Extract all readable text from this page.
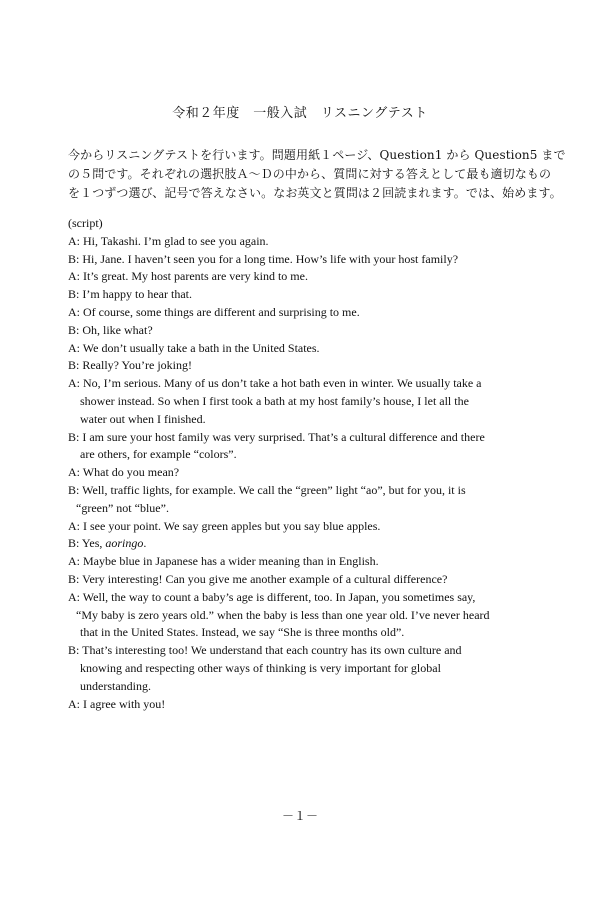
令和２年度　一般入試　リスニングテスト
今からリスニングテストを行います。問題用紙１ページ、Question1 から Question5 まで
の５問です。それぞれの選択肢Ａ～Ｄの中から、質問に対する答えとして最も適切なもの
を１つずつ選び、記号で答えなさい。なお英文と質問は２回読まれます。では、始めます。
(script)
A: Hi, Takashi. I’m glad to see you again.
B: Hi, Jane. I haven’t seen you for a long time. How’s life with your host family?
A: It’s great. My host parents are very kind to me.
B: I’m happy to hear that.
A: Of course, some things are different and surprising to me.
B: Oh, like what?
A: We don’t usually take a bath in the United States.
B: Really? You’re joking!
A: No, I’m serious. Many of us don’t take a hot bath even in winter. We usually take a
shower instead. So when I first took a bath at my host family’s house, I let all the
water out when I finished.
B: I am sure your host family was very surprised. That’s a cultural difference and there
are others, for example “colors”.
A: What do you mean?
B: Well, traffic lights, for example. We call the “green” light “ao”, but for you, it is
“green” not “blue”.
A: I see your point. We say green apples but you say blue apples.
B: Yes, aoringo.
A: Maybe blue in Japanese has a wider meaning than in English.
B: Very interesting! Can you give me another example of a cultural difference?
A: Well, the way to count a baby’s age is different, too. In Japan, you sometimes say,
“My baby is zero years old.” when the baby is less than one year old. I’ve never heard
that in the United States. Instead, we say “She is three months old”.
B: That’s interesting too! We understand that each country has its own culture and
knowing and respecting other ways of thinking is very important for global
understanding.
A: I agree with you!
－１－
